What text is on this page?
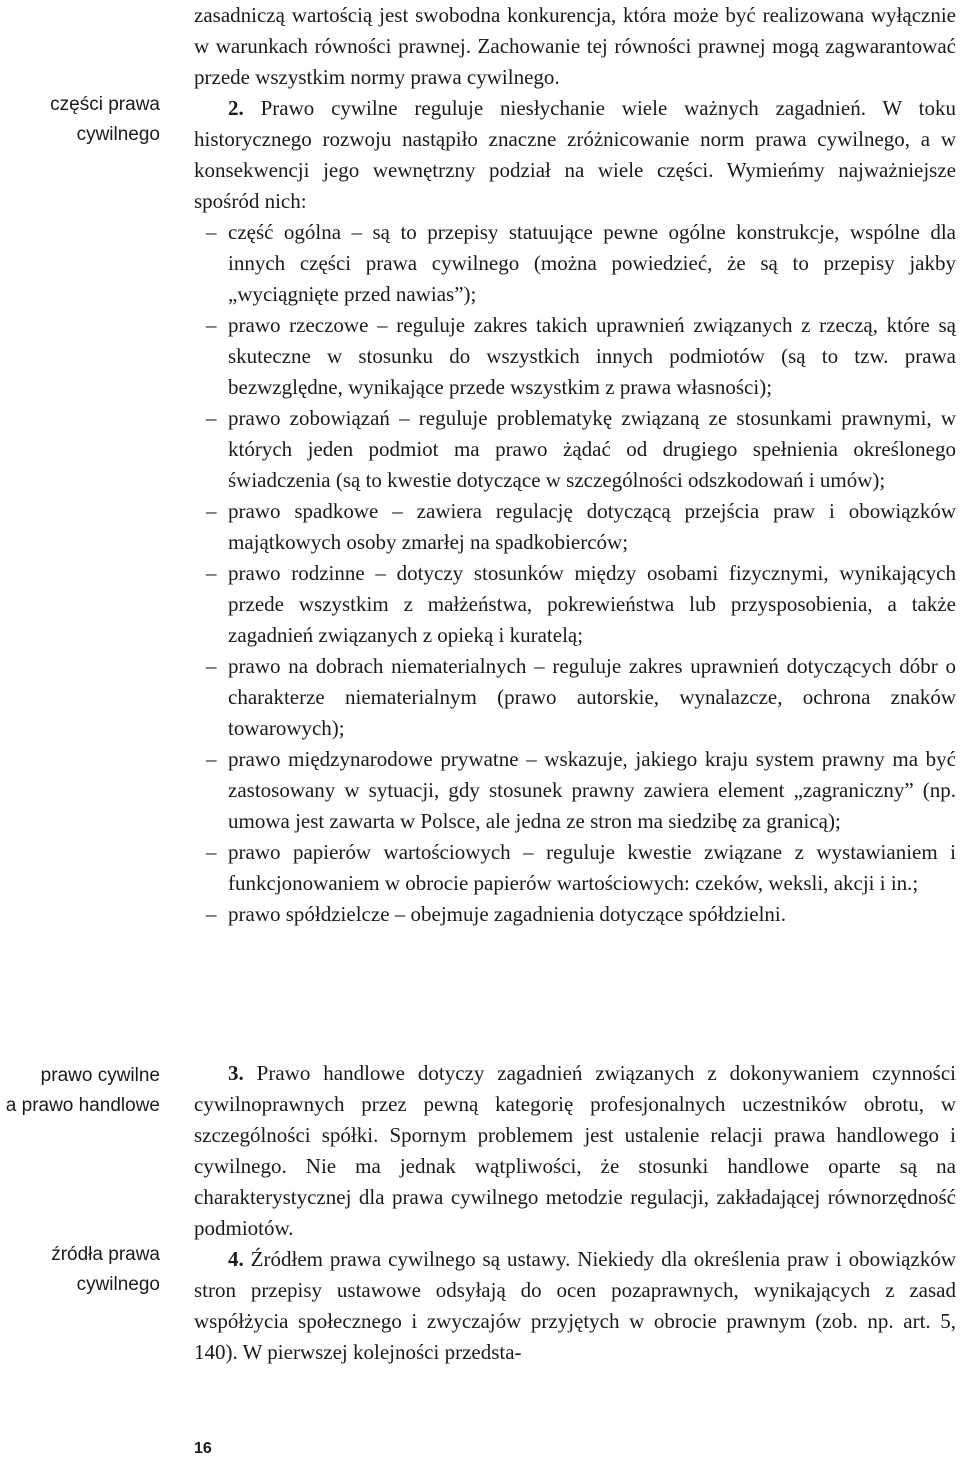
części prawa
cywilnego
prawo cywilne
a prawo handlowe
źródła prawa
cywilnego

zasadniczą wartością jest swobodna konkurencja, która może być realizowana wyłącznie w warunkach równości prawnej. Zachowanie tej równości prawnej mogą zagwarantować przede wszystkim normy prawa cywilnego.

2. Prawo cywilne reguluje niesłychanie wiele ważnych zagadnień. W toku historycznego rozwoju nastąpiło znaczne zróżnicowanie norm prawa cywilnego, a w konsekwencji jego wewnętrzny podział na wiele części. Wymieńmy najważniejsze spośród nich:

– część ogólna – są to przepisy statuujące pewne ogólne konstrukcje, wspólne dla innych części prawa cywilnego (można powiedzieć, że są to przepisy jakby „wyciągnięte przed nawias”);
– prawo rzeczowe – reguluje zakres takich uprawnień związanych z rzeczą, które są skuteczne w stosunku do wszystkich innych podmiotów (są to tzw. prawa bezwzględne, wynikające przede wszystkim z prawa własności);
– prawo zobowiązań – reguluje problematykę związaną ze stosunkami prawnymi, w których jeden podmiot ma prawo żądać od drugiego spełnienia określonego świadczenia (są to kwestie dotyczące w szczególności odszkodowań i umów);
– prawo spadkowe – zawiera regulację dotyczącą przejścia praw i obowiązków majątkowych osoby zmarłej na spadkobierców;
– prawo rodzinne – dotyczy stosunków między osobami fizycznymi, wynikających przede wszystkim z małżeństwa, pokrewieństwa lub przysposobienia, a także zagadnień związanych z opieką i kuratelą;
– prawo na dobrach niematerialnych – reguluje zakres uprawnień dotyczących dóbr o charakterze niematerialnym (prawo autorskie, wynalazcze, ochrona znaków towarowych);
– prawo międzynarodowe prywatne – wskazuje, jakiego kraju system prawny ma być zastosowany w sytuacji, gdy stosunek prawny zawiera element „zagraniczny” (np. umowa jest zawarta w Polsce, ale jedna ze stron ma siedzibę za granicą);
– prawo papierów wartościowych – reguluje kwestie związane z wystawianiem i funkcjonowaniem w obrocie papierów wartościowych: czeków, weksli, akcji i in.;
– prawo spółdzielcze – obejmuje zagadnienia dotyczące spółdzielni.

3. Prawo handlowe dotyczy zagadnień związanych z dokonywaniem czynności cywilnoprawnych przez pewną kategorię profesjonalnych uczestników obrotu, w szczególności spółki. Spornym problemem jest ustalenie relacji prawa handlowego i cywilnego. Nie ma jednak wątpliwości, że stosunki handlowe oparte są na charakterystycznej dla prawa cywilnego metodzie regulacji, zakładającej równorzędność podmiotów.

4. Źródłem prawa cywilnego są ustawy. Niekiedy dla określenia praw i obowiązków stron przepisy ustawowe odsyłają do ocen pozaprawnych, wynikających z zasad współżycia społecznego i zwyczajów przyjętych w obrocie prawnym (zob. np. art. 5, 140). W pierwszej kolejności przedsta-

16
